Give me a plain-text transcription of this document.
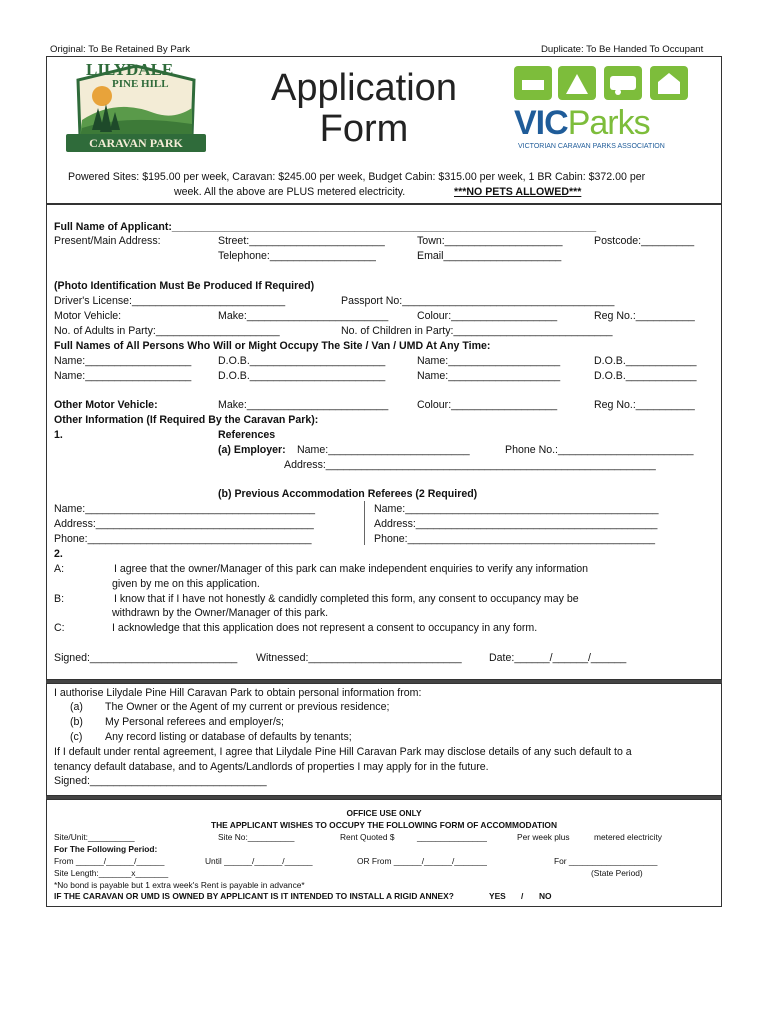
Original: To Be Retained By Park	Duplicate: To Be Handed To Occupant
LILYDALE
PINE HILL
CARAVAN PARK
Application
Form	VICParks
VICTORIAN CARAVAN PARKS ASSOCIATION
Powered Sites: $195.00 per week, Caravan: $245.00 per week, Budget Cabin: $315.00 per week, 1 BR Cabin: $372.00 per
week. All the above are PLUS metered electricity.	***NO PETS ALLOWED***
Full Name of Applicant:________________________________________________________________________
Present/Main Address:	Street:_______________________	Town:____________________	Postcode:_________
Telephone:__________________	Email____________________
(Photo Identification Must Be Produced If Required)
Driver's License:__________________________	Passport No:____________________________________
Motor Vehicle:	Make:________________________	Colour:__________________	Reg No.:__________
No. of Adults in Party:_____________________	No. of Children in Party:___________________________
Full Names of All Persons Who Will or Might Occupy The Site / Van / UMD At Any Time:
Name:__________________	D.O.B._______________________	Name:___________________	D.O.B.____________
Name:__________________	D.O.B._______________________	Name:___________________	D.O.B.____________
Other Motor Vehicle:	Make:________________________	Colour:__________________	Reg No.:__________
Other Information (If Required By the Caravan Park):
1.	References
(a) Employer: Name:________________________	Phone No.:_______________________
Address:________________________________________________________
(b) Previous Accommodation Referees (2 Required)
Name:_______________________________________
Address:_____________________________________
Phone:______________________________________
Name:___________________________________________
Address:_________________________________________
Phone:__________________________________________
2.
A:	I agree that the owner/Manager of this park can make independent enquiries to verify any information
given by me on this application.
B:	I know that if I have not honestly & candidly completed this form, any consent to occupancy may be
withdrawn by the Owner/Manager of this park.
C:	I acknowledge that this application does not represent a consent to occupancy in any form.
Signed:_________________________ Witnessed:__________________________	Date:______/______/______
I authorise Lilydale Pine Hill Caravan Park to obtain personal information from:
(a) The Owner or the Agent of my current or previous residence;
(b) My Personal referees and employer/s;
(c) Any record listing or database of defaults by tenants;
If I default under rental agreement, I agree that Lilydale Pine Hill Caravan Park may disclose details of any such default to a
tenancy default database, and to Agents/Landlords of properties I may apply for in the future.
Signed:______________________________
OFFICE USE ONLY
THE APPLICANT WISHES TO OCCUPY THE FOLLOWING FORM OF ACCOMMODATION
Site/Unit:__________	Site No:__________	Rent Quoted $	_______________	Per week plus	metered electricity
For The Following Period:
From ______/______/______	Until ______/______/______	OR From ______/______/_______	For ___________________
Site Length:_______x_______	(State Period)
*No bond is payable but 1 extra week's Rent is payable in advance*
IF THE CARAVAN OR UMD IS OWNED BY APPLICANT IS IT INTENDED TO INSTALL A RIGID ANNEX?	YES / NO
